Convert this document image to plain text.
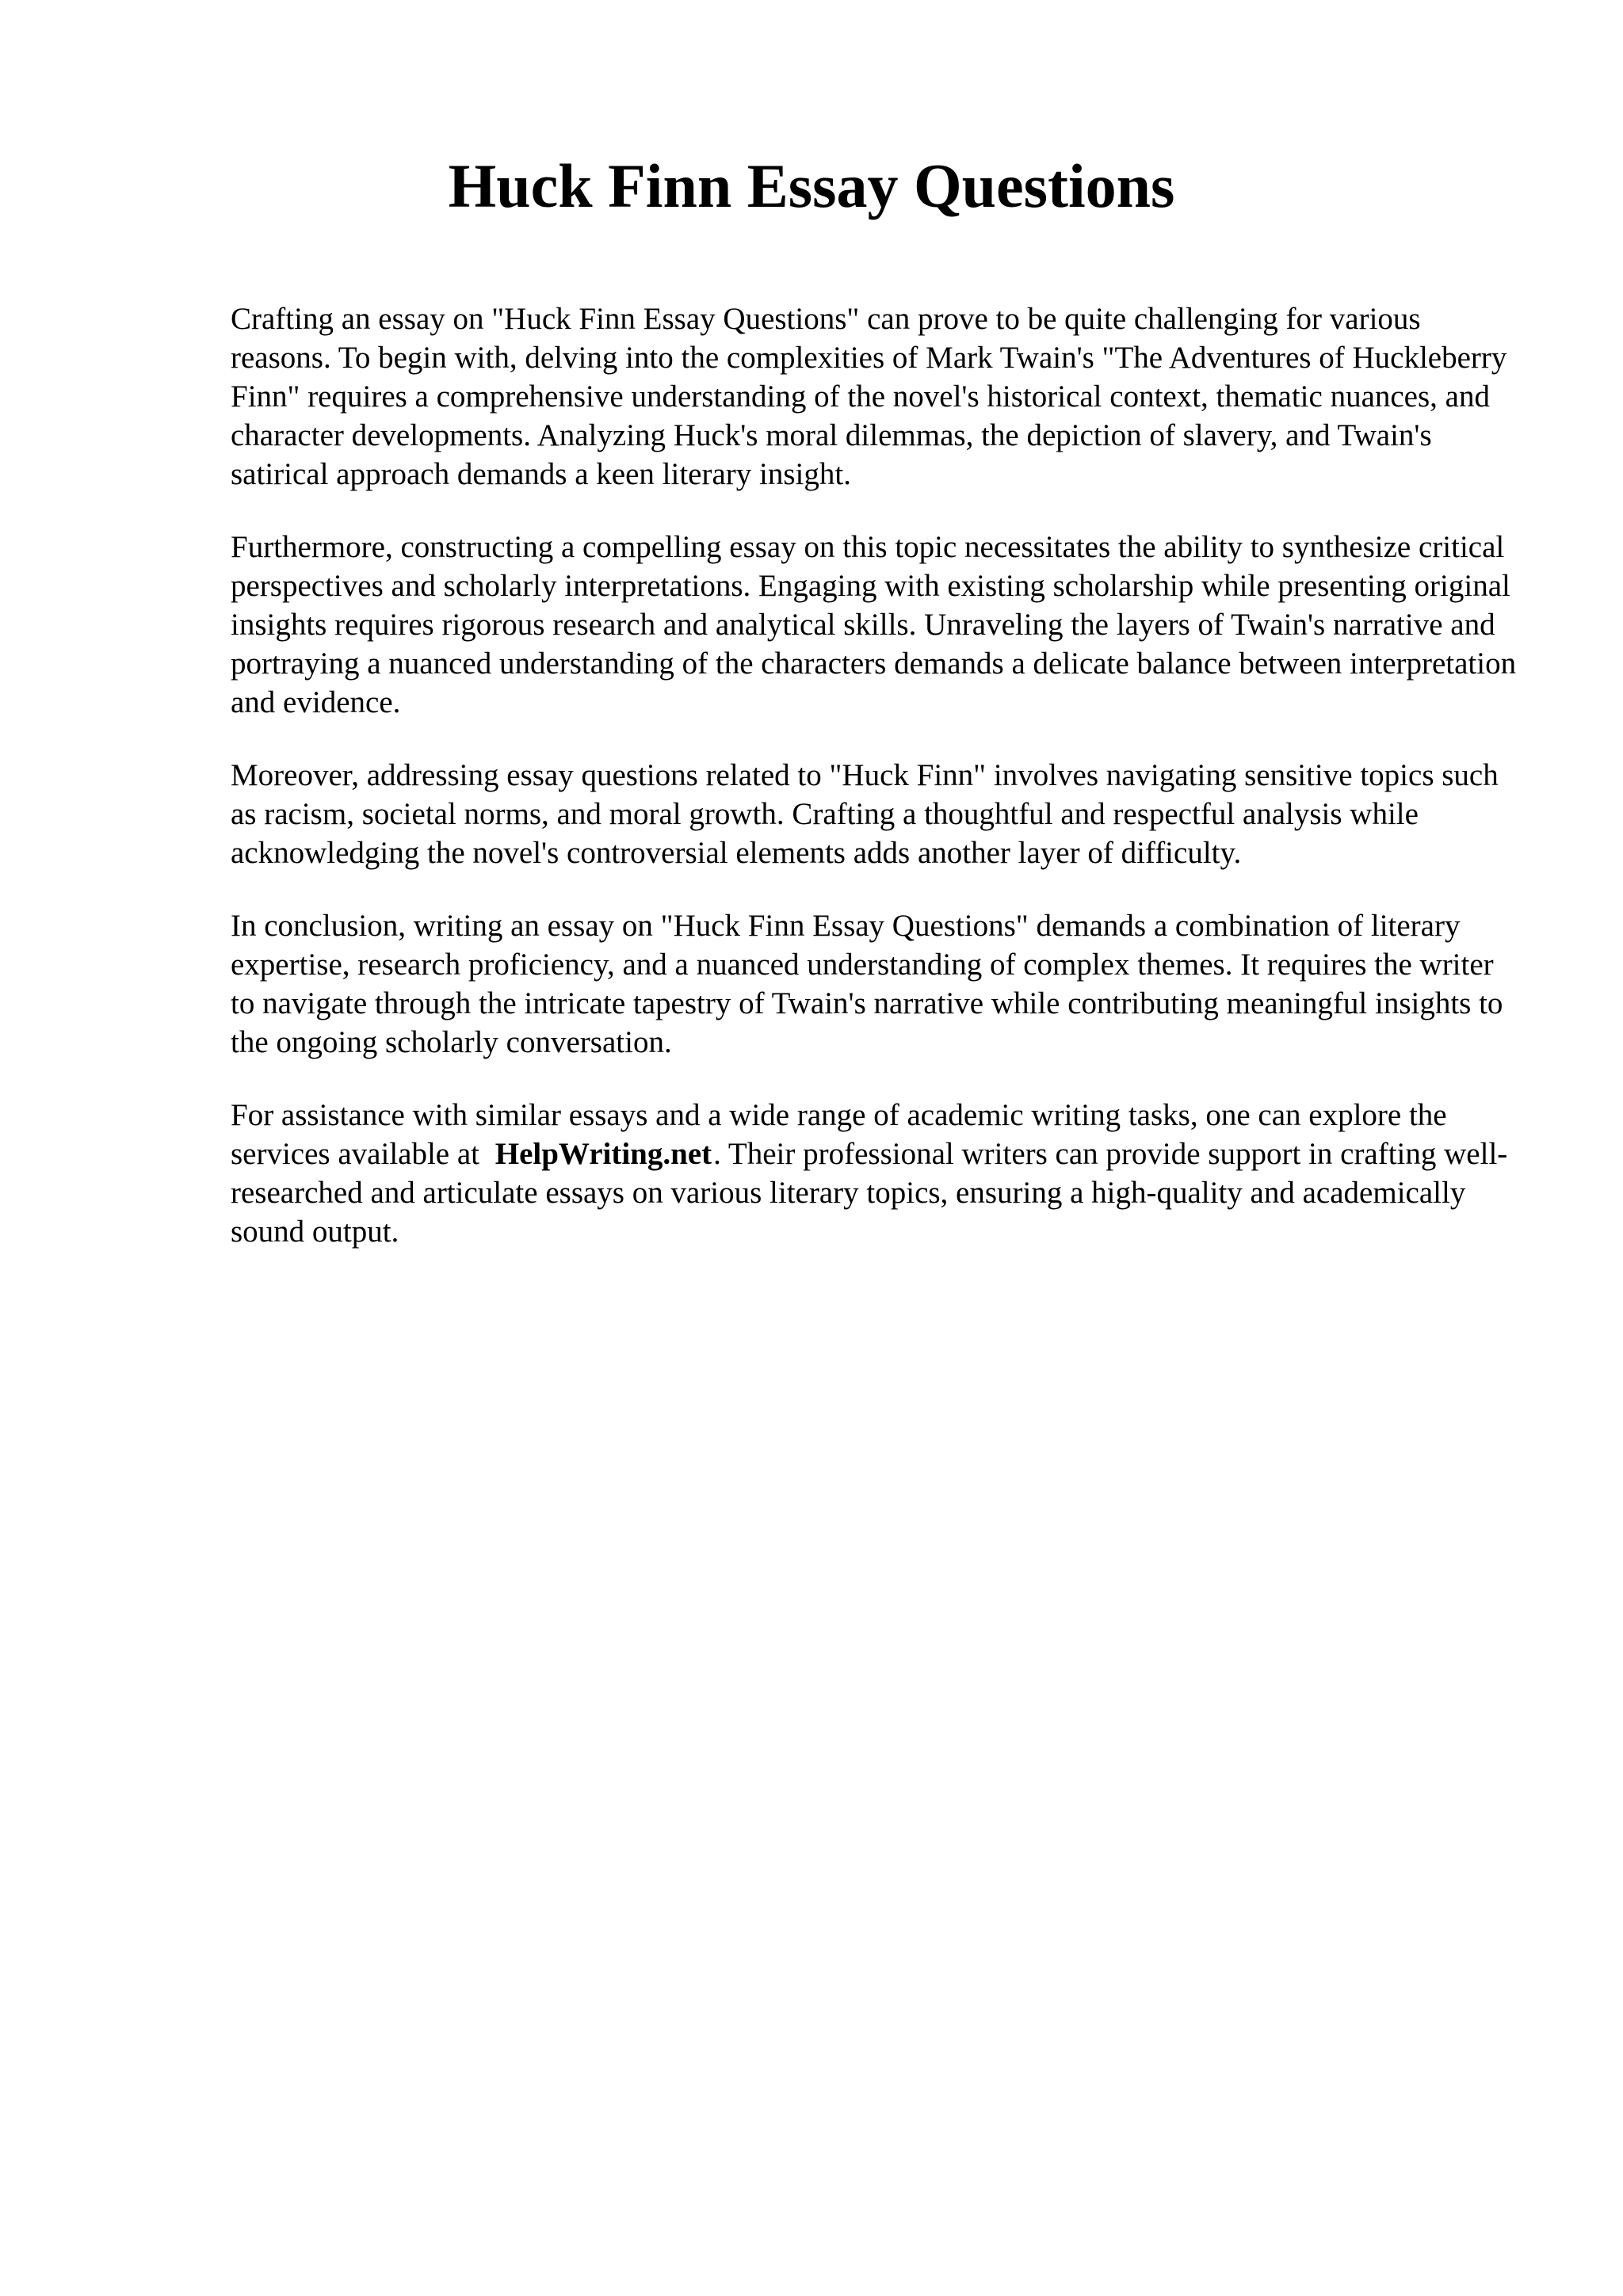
Huck Finn Essay Questions

Crafting an essay on "Huck Finn Essay Questions" can prove to be quite challenging for various reasons. To begin with, delving into the complexities of Mark Twain's "The Adventures of Huckleberry Finn" requires a comprehensive understanding of the novel's historical context, thematic nuances, and character developments. Analyzing Huck's moral dilemmas, the depiction of slavery, and Twain's satirical approach demands a keen literary insight.

Furthermore, constructing a compelling essay on this topic necessitates the ability to synthesize critical perspectives and scholarly interpretations. Engaging with existing scholarship while presenting original insights requires rigorous research and analytical skills. Unraveling the layers of Twain's narrative and portraying a nuanced understanding of the characters demands a delicate balance between interpretation and evidence.

Moreover, addressing essay questions related to "Huck Finn" involves navigating sensitive topics such as racism, societal norms, and moral growth. Crafting a thoughtful and respectful analysis while acknowledging the novel's controversial elements adds another layer of difficulty.

In conclusion, writing an essay on "Huck Finn Essay Questions" demands a combination of literary expertise, research proficiency, and a nuanced understanding of complex themes. It requires the writer to navigate through the intricate tapestry of Twain's narrative while contributing meaningful insights to the ongoing scholarly conversation.

For assistance with similar essays and a wide range of academic writing tasks, one can explore the services available at HelpWriting.net. Their professional writers can provide support in crafting well-researched and articulate essays on various literary topics, ensuring a high-quality and academically sound output.
